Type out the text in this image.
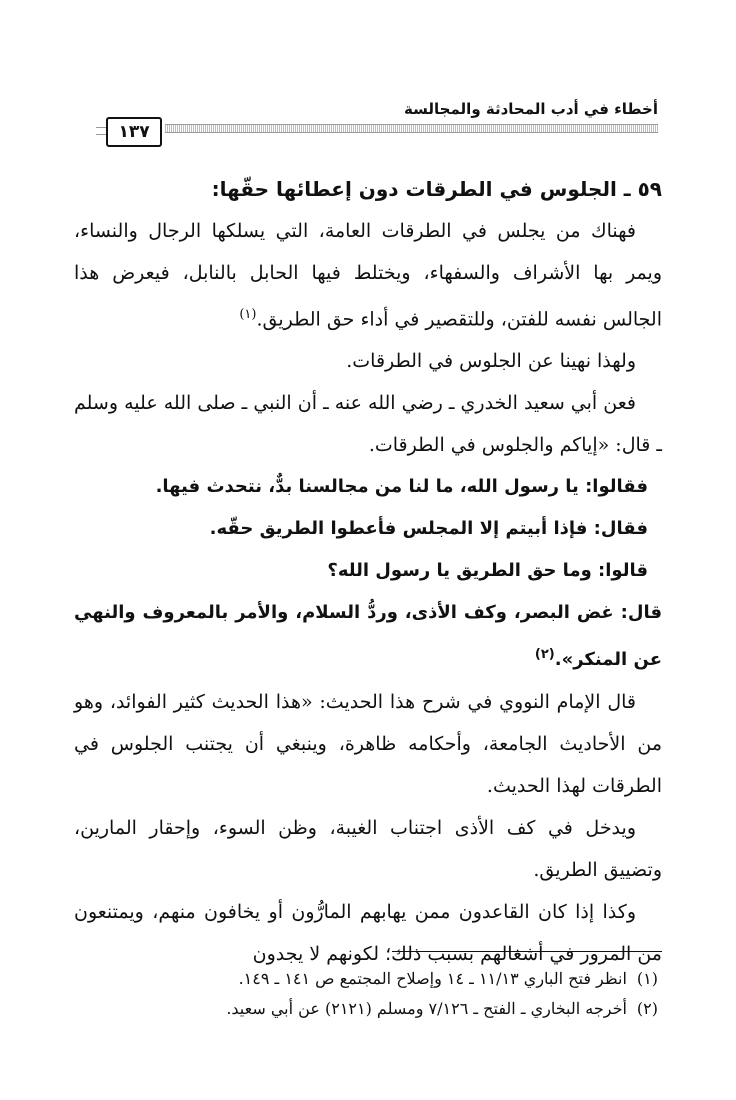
أخطاء في أدب المحادثة والمجالسة
١٣٧

٥٩ ـ الجلوس في الطرقات دون إعطائها حقّها:

فهناك من يجلس في الطرقات العامة، التي يسلكها الرجال والنساء، ويمر بها الأشراف والسفهاء، ويختلط فيها الحابل بالنابل، فيعرض هذا الجالس نفسه للفتن، وللتقصير في أداء حق الطريق.$^{(١)}$

ولهذا نهينا عن الجلوس في الطرقات.

فعن أبي سعيد الخدري ـ رضي الله عنه ـ أن النبي ـ صلى الله عليه وسلم ـ قال: «إياكم والجلوس في الطرقات.

فقالوا: يا رسول الله، ما لنا من مجالسنا بدٌّ، نتحدث فيها.

فقال: فإذا أبيتم إلا المجلس فأعطوا الطريق حقّه.

قالوا: وما حق الطريق يا رسول الله؟

قال: غض البصر، وكف الأذى، وردُّ السلام، والأمر بالمعروف والنهي عن المنكر».$^{(٢)}$

قال الإمام النووي في شرح هذا الحديث: «هذا الحديث كثير الفوائد، وهو من الأحاديث الجامعة، وأحكامه ظاهرة، وينبغي أن يجتنب الجلوس في الطرقات لهذا الحديث.

ويدخل في كف الأذى اجتناب الغيبة، وظن السوء، وإحقار المارين، وتضييق الطريق.

وكذا إذا كان القاعدون ممن يهابهم المارُّون أو يخافون منهم، ويمتنعون من المرور في أشغالهم بسبب ذلك؛ لكونهم لا يجدون

(١) انظر فتح الباري ١١/١٣ ـ ١٤ وإصلاح المجتمع ص ١٤١ ـ ١٤٩.

(٢) أخرجه البخاري ـ الفتح ـ ٧/١٢٦ ومسلم (٢١٢١) عن أبي سعيد.
